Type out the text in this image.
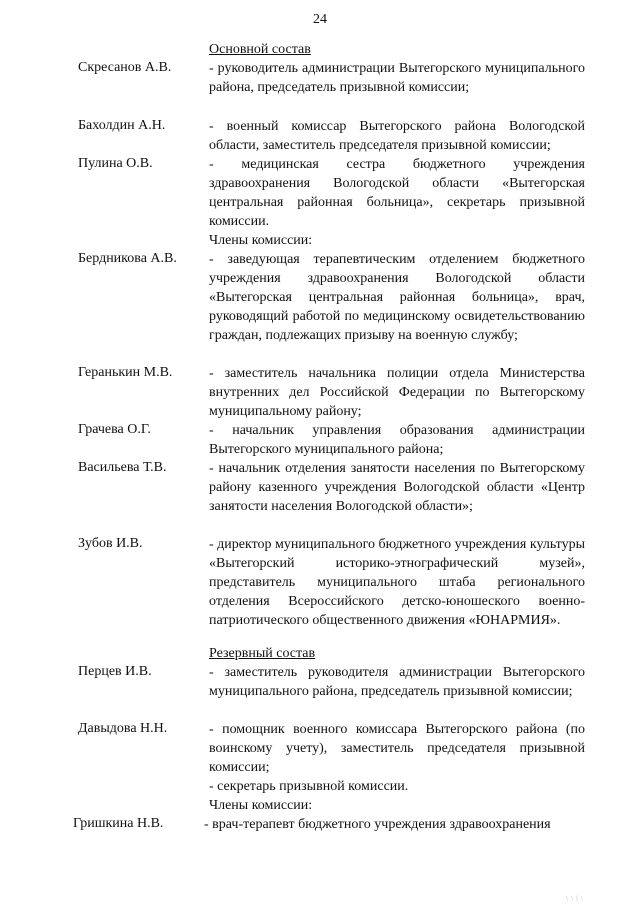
24
Основной состав
Скресанов А.В.	- руководитель администрации Вытегорского муниципального района, председатель призывной комиссии;
Бахолдин А.Н.	- военный комиссар Вытегорского района Вологодской области, заместитель председателя призывной комиссии;
Пулина О.В.	- медицинская сестра бюджетного учреждения здравоохранения Вологодской области «Вытегорская центральная районная больница», секретарь призывной комиссии.
Члены комиссии:
Бердникова А.В. - заведующая терапевтическим отделением бюджетного учреждения здравоохранения Вологодской области «Вытегорская центральная районная больница», врач, руководящий работой по медицинскому освидетельствованию граждан, подлежащих призыву на военную службу;
Геранькин М.В.	- заместитель начальника полиции отдела Министерства внутренних дел Российской Федерации по Вытегорскому муниципальному району;
Грачева О.Г.	- начальник управления образования администрации Вытегорского муниципального района;
Васильева Т.В.	- начальник отделения занятости населения по Вытегорскому району казенного учреждения Вологодской области «Центр занятости населения Вологодской области»;
Зубов И.В.	- директор муниципального бюджетного учреждения культуры «Вытегорский историко-этнографический музей», представитель муниципального штаба регионального отделения Всероссийского детско-юношеского военно-патриотического общественного движения «ЮНАРМИЯ».
Резервный состав
Перцев И.В.	- заместитель руководителя администрации Вытегорского муниципального района, председатель призывной комиссии;
Давыдова Н.Н.	- помощник военного комиссара Вытегорского района (по воинскому учету), заместитель председателя призывной комиссии;
- секретарь призывной комиссии.
Члены комиссии:
Гришкина Н.В.	- врач-терапевт бюджетного учреждения здравоохранения
\ \ | \
